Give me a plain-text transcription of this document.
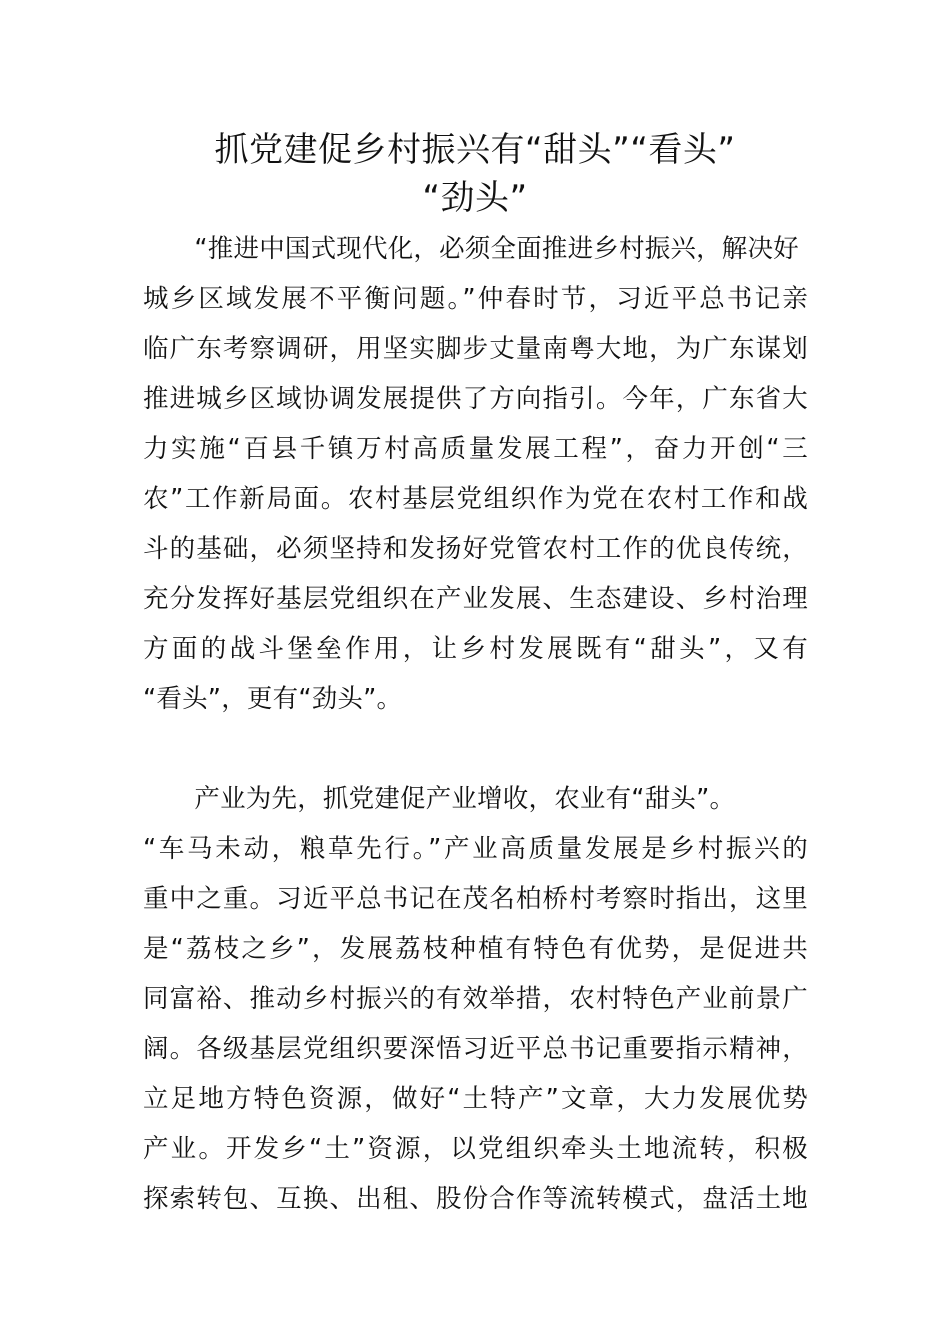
抓党建促乡村振兴有“甜头”“看头”
“劲头”
　　“推进中国式现代化，必须全面推进乡村振兴，解决好
城乡区域发展不平衡问题。”仲春时节，习近平总书记亲
临广东考察调研，用坚实脚步丈量南粤大地，为广东谋划
推进城乡区域协调发展提供了方向指引。今年，广东省大
力实施“百县千镇万村高质量发展工程”，奋力开创“三
农”工作新局面。农村基层党组织作为党在农村工作和战
斗的基础，必须坚持和发扬好党管农村工作的优良传统，
充分发挥好基层党组织在产业发展、生态建设、乡村治理
方面的战斗堡垒作用，让乡村发展既有“甜头”，又有
“看头”，更有“劲头”。
　　产业为先，抓党建促产业增收，农业有“甜头”。
“车马未动，粮草先行。”产业高质量发展是乡村振兴的
重中之重。习近平总书记在茂名柏桥村考察时指出，这里
是“荔枝之乡”，发展荔枝种植有特色有优势，是促进共
同富裕、推动乡村振兴的有效举措，农村特色产业前景广
阔。各级基层党组织要深悟习近平总书记重要指示精神，
立足地方特色资源，做好“土特产”文章，大力发展优势
产业。开发乡“土”资源，以党组织牵头土地流转，积极
探索转包、互换、出租、股份合作等流转模式，盘活土地
